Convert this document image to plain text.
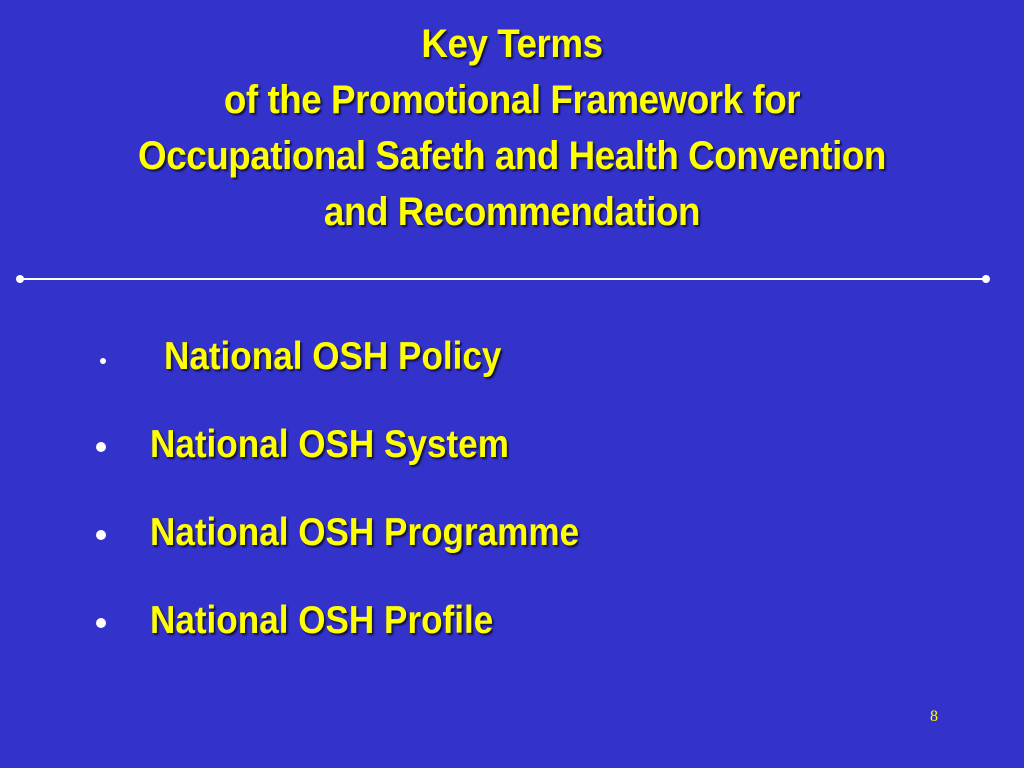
Key Terms
of the Promotional Framework for
Occupational Safeth and Health Convention
and Recommendation
National OSH Policy
National OSH System
National OSH Programme
National OSH Profile
8
